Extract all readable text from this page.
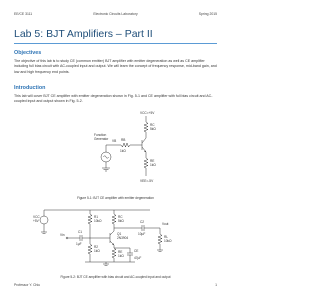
EE/CE 3111	Electronic Circuits Laboratory	Spring 2015
Lab 5: BJT Amplifiers – Part II
Objectives

The objective of this lab is to study CE (common emitter) BJT amplifier with emitter degeneration as well as CE amplifier including full bias circuit with AC-coupled input and output. We will learn the concept of frequency response, mid-band gain, and low and high frequency end points.

Introduction

This lab will cover BJT CE amplifier with emitter degeneration shown in Fig. 5-1 and CE amplifier with full bias circuit and AC-coupled input and output shown in Fig. 5-2.

VCC=+5V
RC
5kΩ
Function
Generator VB RB
1kΩ
RE
1kΩ
VEE=-5V
Figure 5-1: BJT CE amplifier with emitter degeneration
VCC
+5V
R1
10kΩ
RC
5kΩ
C1
1µF
C2
10µF
Q1
2N3904
R2
1kΩ	RE
1kΩ
CE
47µF
RL
10kΩ
Vin
Vout
Figure 5-2: BJT CE amplifier with bias circuit and AC-coupled input and output
Professor Y. Chiu	1
